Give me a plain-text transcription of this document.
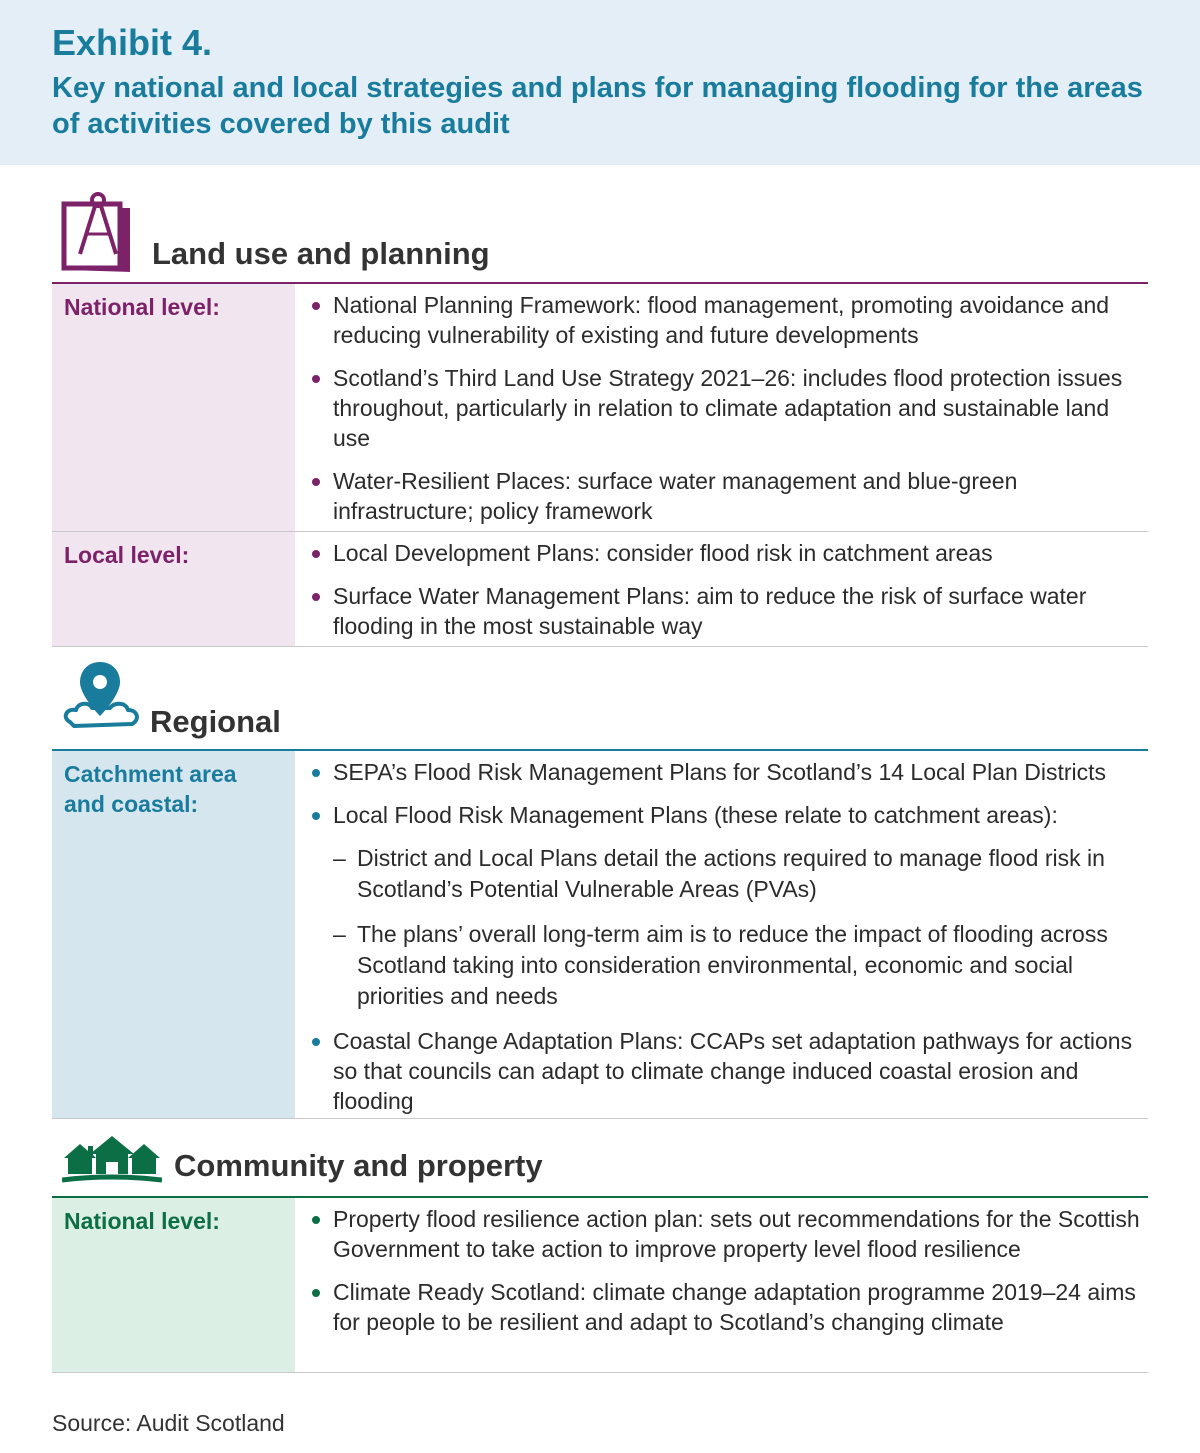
Exhibit 4.
Key national and local strategies and plans for managing flooding for the areas of activities covered by this audit
Land use and planning
National level:	National Planning Framework: flood management, promoting avoidance and reducing vulnerability of existing and future developments
Scotland’s Third Land Use Strategy 2021–26: includes flood protection issues throughout, particularly in relation to climate adaptation and sustainable land use
Water-Resilient Places: surface water management and blue-green infrastructure; policy framework
Local level:	Local Development Plans: consider flood risk in catchment areas
Surface Water Management Plans: aim to reduce the risk of surface water flooding in the most sustainable way
Regional
Catchment area and coastal:
SEPA’s Flood Risk Management Plans for Scotland’s 14 Local Plan Districts
Local Flood Risk Management Plans (these relate to catchment areas):
– District and Local Plans detail the actions required to manage flood risk in Scotland’s Potential Vulnerable Areas (PVAs)
– The plans’ overall long-term aim is to reduce the impact of flooding across Scotland taking into consideration environmental, economic and social priorities and needs
Coastal Change Adaptation Plans: CCAPs set adaptation pathways for actions so that councils can adapt to climate change induced coastal erosion and flooding
Community and property
National level:	Property flood resilience action plan: sets out recommendations for the Scottish Government to take action to improve property level flood resilience
Climate Ready Scotland: climate change adaptation programme 2019–24 aims for people to be resilient and adapt to Scotland’s changing climate
Source: Audit Scotland
